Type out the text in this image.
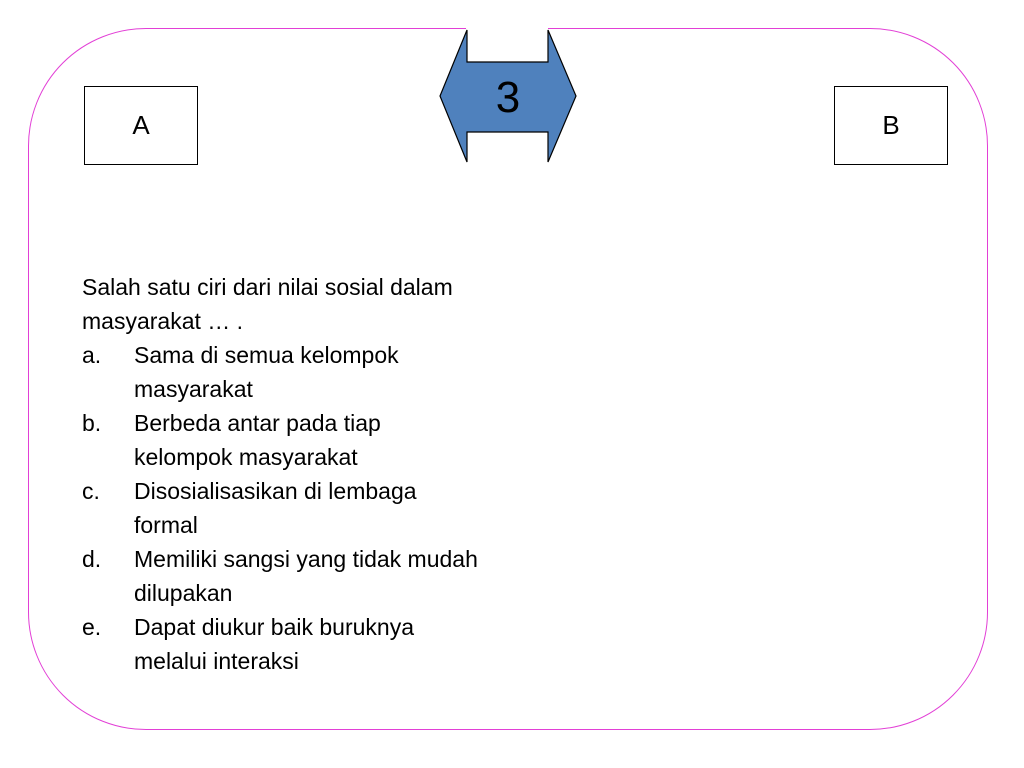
A
3
B
Salah satu ciri dari nilai sosial dalam masyarakat … .
a.	Sama di semua kelompok masyarakat
b.	Berbeda antar pada tiap kelompok masyarakat
c.	Disosialisasikan di lembaga formal
d.	Memiliki sangsi yang tidak mudah dilupakan
e.	Dapat diukur baik buruknya melalui interaksi
